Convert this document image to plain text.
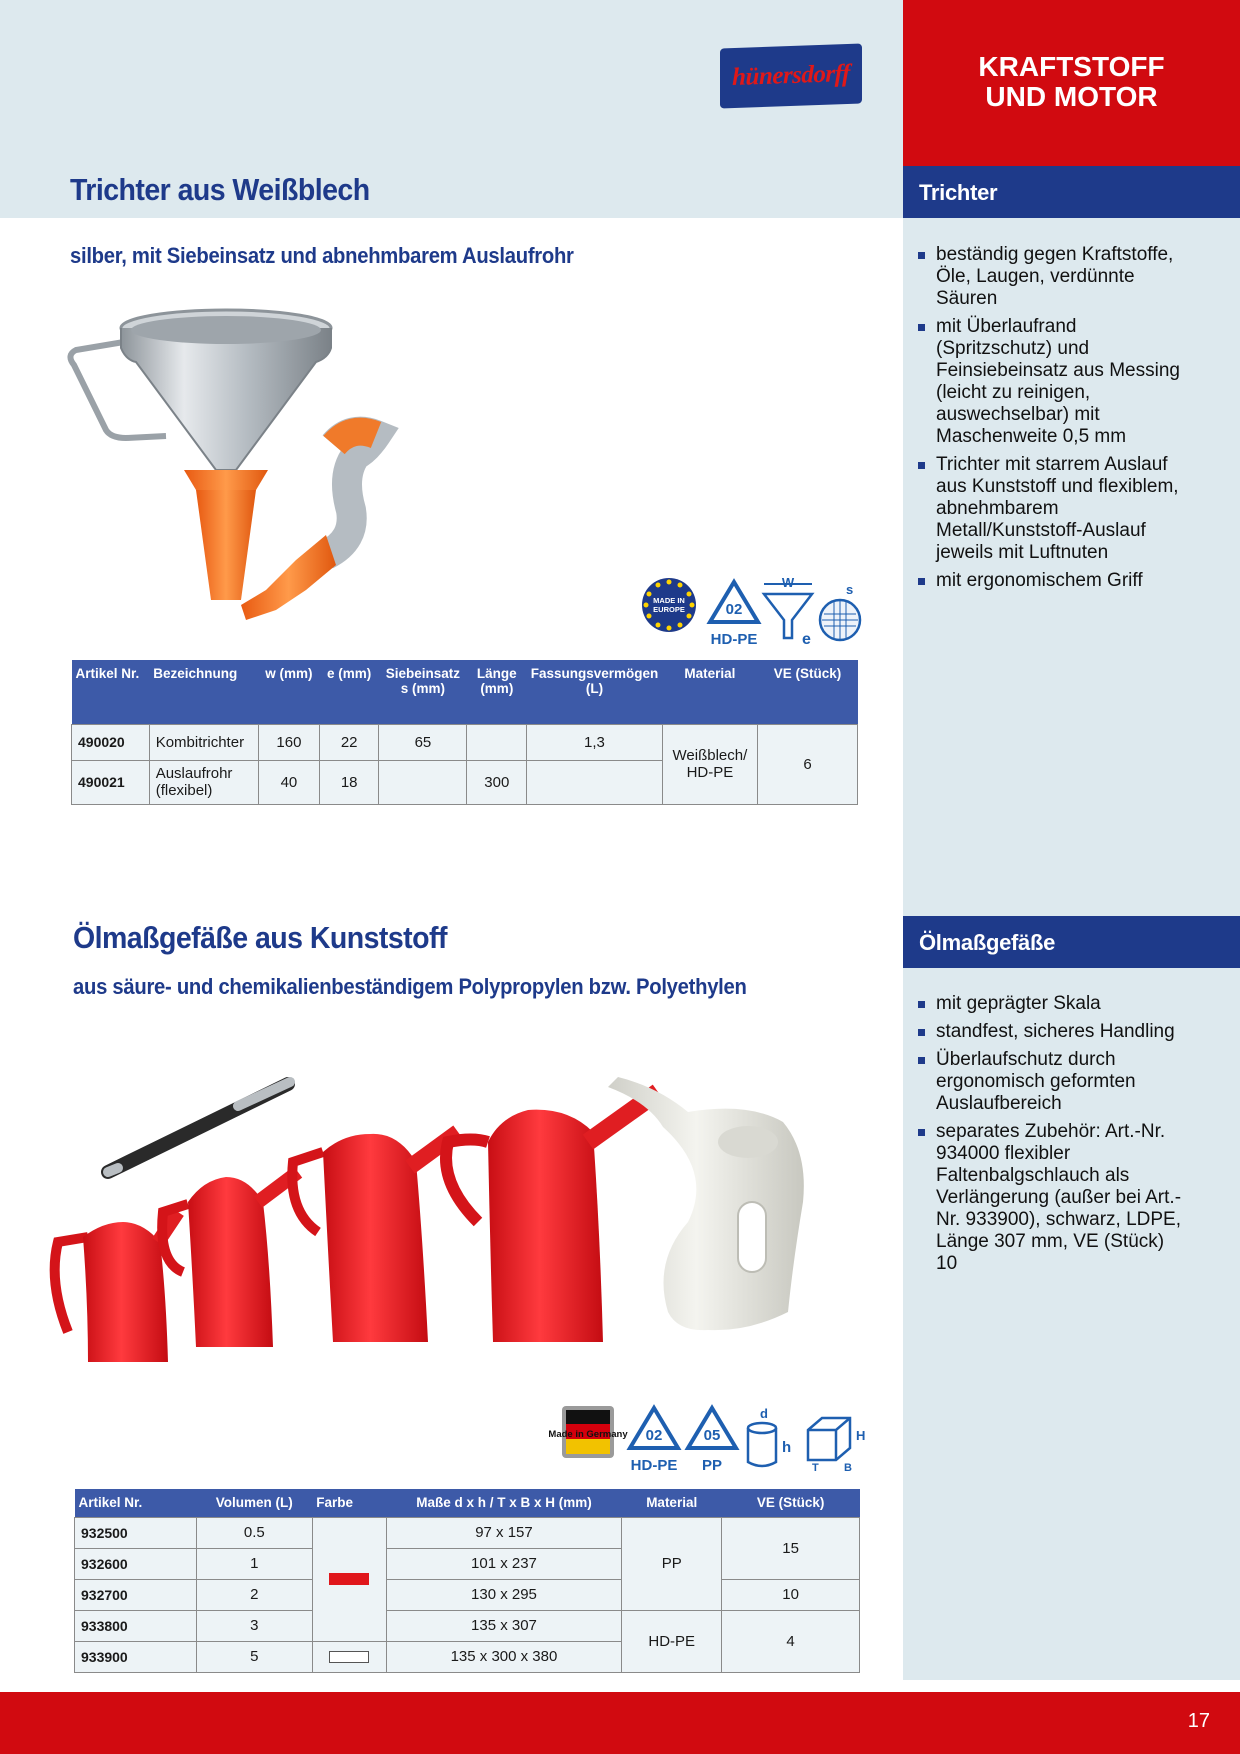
KRAFTSTOFF
UND MOTOR
hünersdorff
Trichter aus Weißblech
silber, mit Siebeinsatz und abnehmbarem Auslaufrohr
Trichter
beständig gegen Kraftstoffe, Öle, Laugen, verdünnte Säuren
mit Überlaufrand (Spritzschutz) und Feinsiebeinsatz aus Messing (leicht zu reinigen, auswechselbar) mit Maschenweite 0,5 mm
Trichter mit starrem Auslauf aus Kunststoff und flexiblem, abnehmbarem Metall/Kunststoff-Auslauf jeweils mit Luftnuten
mit ergonomischem Griff
MADE IN
EUROPE	02
HD-PE
W
e
s
Artikel Nr.	Bezeichnung	w (mm)	e (mm)	Siebeinsatz s (mm)	Länge (mm)	Fassungsvermögen (L)	Material	VE (Stück)
490020	Kombitrichter	160	22	65		1,3	Weißblech/ HD-PE	6
490021	Auslaufrohr (flexibel)	40	18		300			
Ölmaßgefäße aus Kunststoff
aus säure- und chemikalienbeständigem Polypropylen bzw. Polyethylen
Ölmaßgefäße
mit geprägter Skala
standfest, sicheres Handling
Überlaufschutz durch ergonomisch geformten Auslaufbereich
separates Zubehör: Art.-Nr. 934000 flexibler Faltenbalgschlauch als Verlängerung (außer bei Art.-Nr. 933900), schwarz, LDPE, Länge 307 mm, VE (Stück) 10
Made in Germany 02
HD-PE
05
PP
d
h
H
T B
Artikel Nr.	Volumen (L)	Farbe	Maße d x h / T x B x H (mm)	Material	VE (Stück)
932500	0.5		97 x 157	PP	15
932600	1		101 x 237		
932700	2		130 x 295		10
933800	3		135 x 307	HD-PE	4
933900	5		135 x 300 x 380		
17
